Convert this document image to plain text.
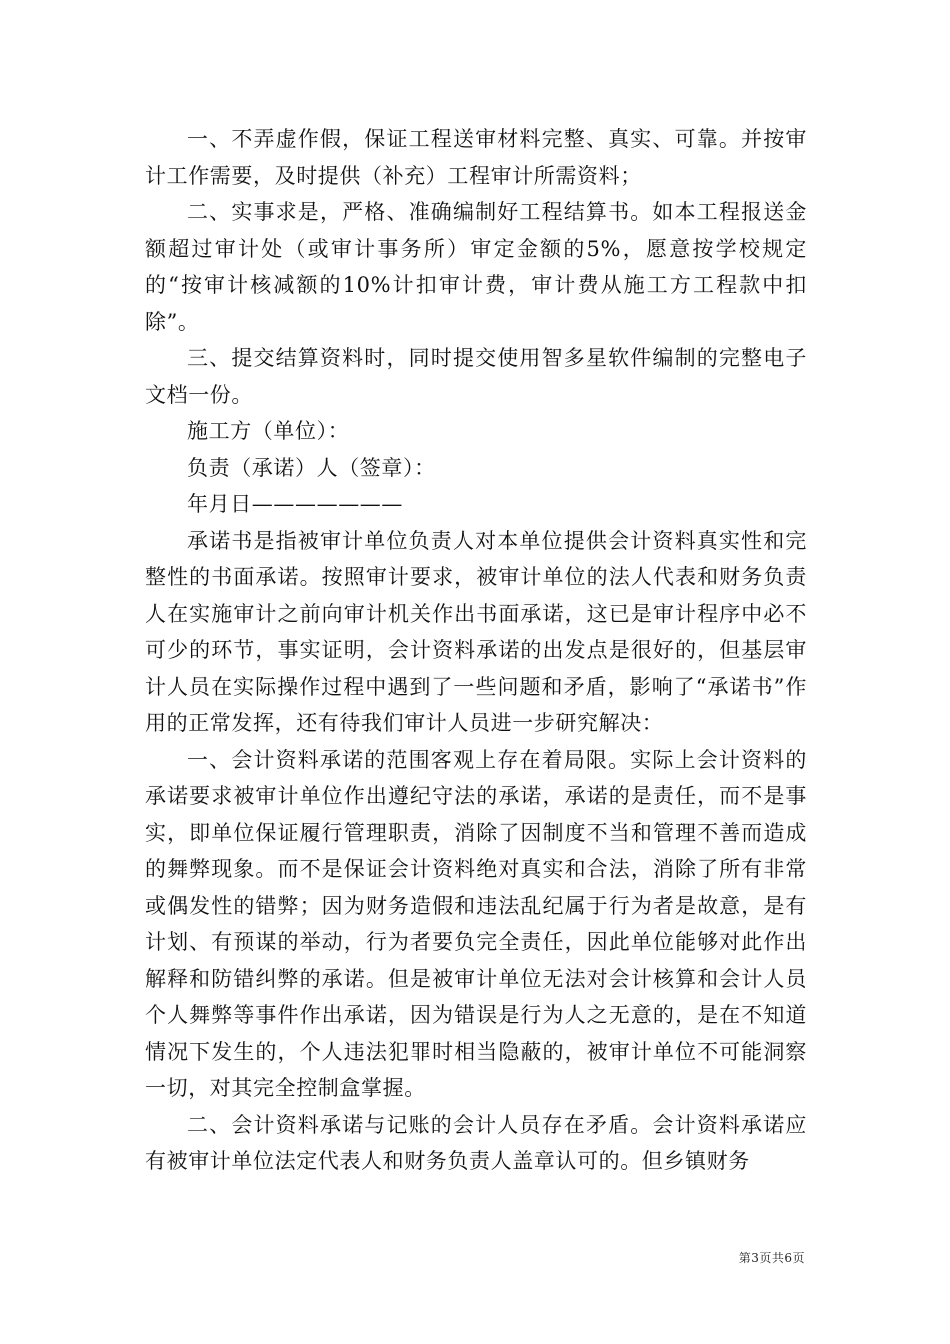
一、不弄虚作假，保证工程送审材料完整、真实、可靠。并按审计工作需要，及时提供（补充）工程审计所需资料；

二、实事求是，严格、准确编制好工程结算书。如本工程报送金额超过审计处（或审计事务所）审定金额的5%，愿意按学校规定的“按审计核减额的10%计扣审计费，审计费从施工方工程款中扣除”。

三、提交结算资料时，同时提交使用智多星软件编制的完整电子文档一份。

施工方（单位）：

负责（承诺）人（签章）：

年月日———————

承诺书是指被审计单位负责人对本单位提供会计资料真实性和完整性的书面承诺。按照审计要求，被审计单位的法人代表和财务负责人在实施审计之前向审计机关作出书面承诺，这已是审计程序中必不可少的环节，事实证明，会计资料承诺的出发点是很好的，但基层审计人员在实际操作过程中遇到了一些问题和矛盾，影响了“承诺书”作用的正常发挥，还有待我们审计人员进一步研究解决：

一、会计资料承诺的范围客观上存在着局限。实际上会计资料的承诺要求被审计单位作出遵纪守法的承诺，承诺的是责任，而不是事实，即单位保证履行管理职责，消除了因制度不当和管理不善而造成的舞弊现象。而不是保证会计资料绝对真实和合法，消除了所有非常或偶发性的错弊；因为财务造假和违法乱纪属于行为者是故意，是有计划、有预谋的举动，行为者要负完全责任，因此单位能够对此作出解释和防错纠弊的承诺。但是被审计单位无法对会计核算和会计人员个人舞弊等事件作出承诺，因为错误是行为人之无意的，是在不知道情况下发生的，个人违法犯罪时相当隐蔽的，被审计单位不可能洞察一切，对其完全控制盒掌握。

二、会计资料承诺与记账的会计人员存在矛盾。会计资料承诺应有被审计单位法定代表人和财务负责人盖章认可的。但乡镇财务

第3页共6页
